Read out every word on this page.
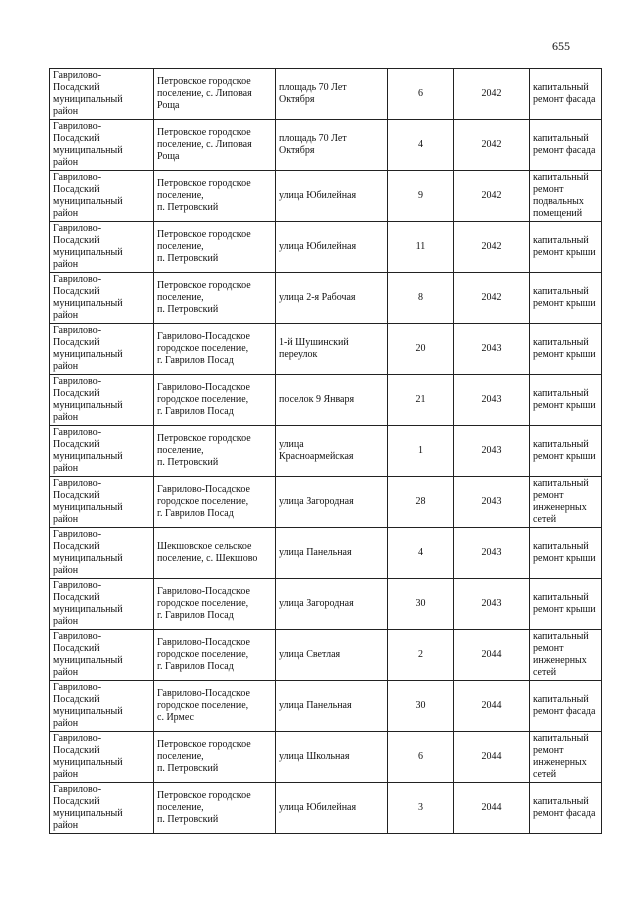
655
Гаврилово-
Посадский
муниципальный
район	Петровское городское
поселение, с. Липовая
Роща	площадь 70 Лет
Октября	6	2042	капитальный
ремонт фасада
Гаврилово-
Посадский
муниципальный
район	Петровское городское
поселение, с. Липовая
Роща	площадь 70 Лет
Октября	4	2042	капитальный
ремонт фасада
Гаврилово-
Посадский
муниципальный
район	Петровское городское
поселение,
п. Петровский	улица Юбилейная	9	2042	капитальный
ремонт
подвальных
помещений
Гаврилово-
Посадский
муниципальный
район	Петровское городское
поселение,
п. Петровский	улица Юбилейная	11	2042	капитальный
ремонт крыши
Гаврилово-
Посадский
муниципальный
район	Петровское городское
поселение,
п. Петровский	улица 2-я Рабочая	8	2042	капитальный
ремонт крыши
Гаврилово-
Посадский
муниципальный
район	Гаврилово-Посадское
городское поселение,
г. Гаврилов Посад	1-й Шушинский
переулок	20	2043	капитальный
ремонт крыши
Гаврилово-
Посадский
муниципальный
район	Гаврилово-Посадское
городское поселение,
г. Гаврилов Посад	поселок 9 Января	21	2043	капитальный
ремонт крыши
Гаврилово-
Посадский
муниципальный
район	Петровское городское
поселение,
п. Петровский	улица
Красноармейская	1	2043	капитальный
ремонт крыши
Гаврилово-
Посадский
муниципальный
район	Гаврилово-Посадское
городское поселение,
г. Гаврилов Посад	улица Загородная	28	2043	капитальный
ремонт
инженерных
сетей
Гаврилово-
Посадский
муниципальный
район	Шекшовское сельское
поселение, с. Шекшово	улица Панельная	4	2043	капитальный
ремонт крыши
Гаврилово-
Посадский
муниципальный
район	Гаврилово-Посадское
городское поселение,
г. Гаврилов Посад	улица Загородная	30	2043	капитальный
ремонт крыши
Гаврилово-
Посадский
муниципальный
район	Гаврилово-Посадское
городское поселение,
г. Гаврилов Посад	улица Светлая	2	2044	капитальный
ремонт
инженерных
сетей
Гаврилово-
Посадский
муниципальный
район	Гаврилово-Посадское
городское поселение,
с. Ирмес	улица Панельная	30	2044	капитальный
ремонт фасада
Гаврилово-
Посадский
муниципальный
район	Петровское городское
поселение,
п. Петровский	улица Школьная	6	2044	капитальный
ремонт
инженерных
сетей
Гаврилово-
Посадский
муниципальный
район	Петровское городское
поселение,
п. Петровский	улица Юбилейная	3	2044	капитальный
ремонт фасада
